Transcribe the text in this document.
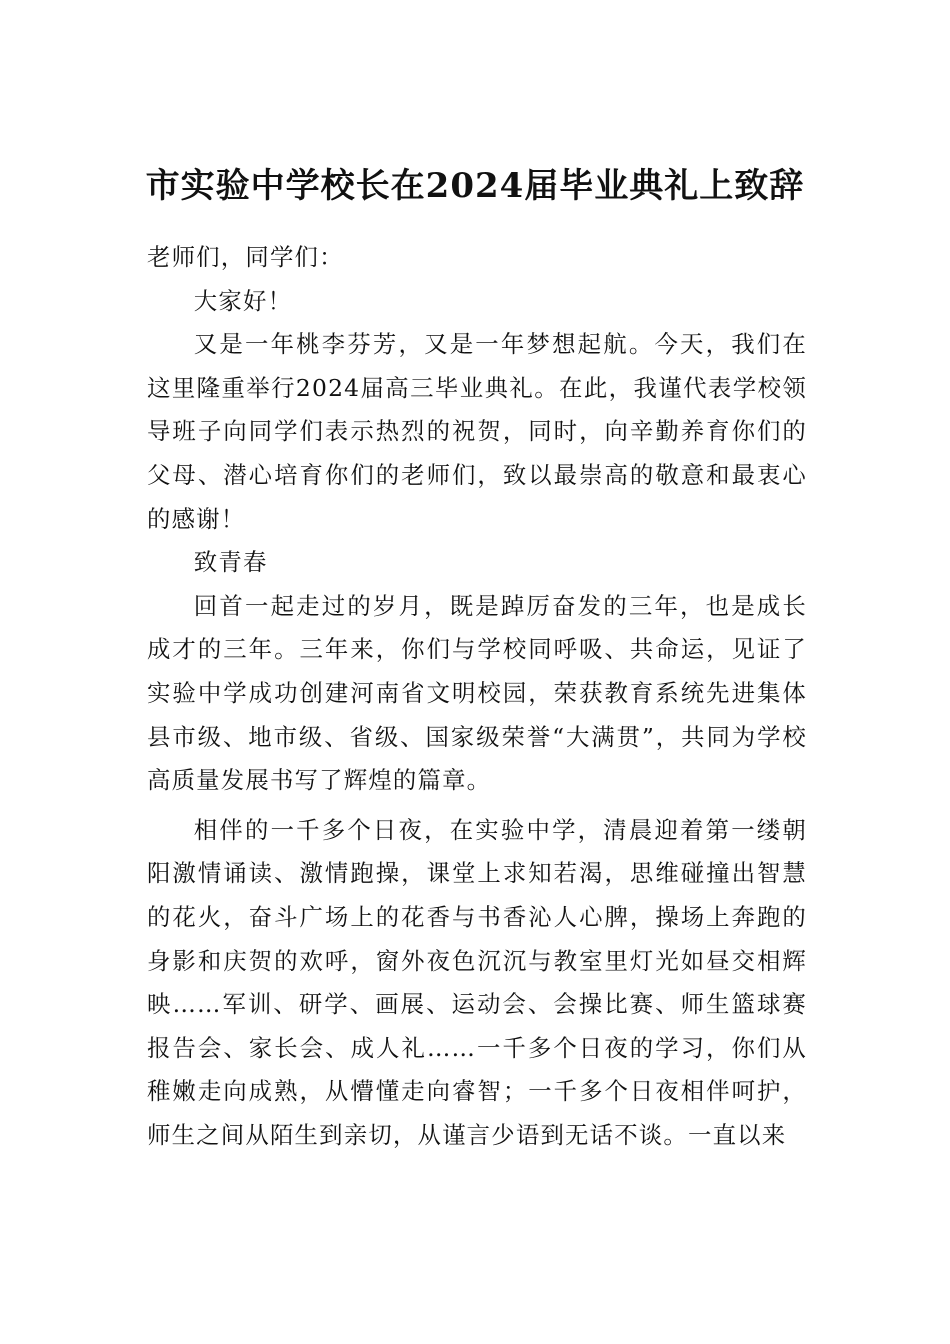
市实验中学校长在2024届毕业典礼上致辞

老师们，同学们：

大家好！

又是一年桃李芬芳，又是一年梦想起航。今天，我们在这里隆重举行2024届高三毕业典礼。在此，我谨代表学校领导班子向同学们表示热烈的祝贺，同时，向辛勤养育你们的父母、潜心培育你们的老师们，致以最崇高的敬意和最衷心的感谢！

致青春

回首一起走过的岁月，既是踔厉奋发的三年，也是成长成才的三年。三年来，你们与学校同呼吸、共命运，见证了实验中学成功创建河南省文明校园，荣获教育系统先进集体县市级、地市级、省级、国家级荣誉“大满贯”，共同为学校高质量发展书写了辉煌的篇章。

相伴的一千多个日夜，在实验中学，清晨迎着第一缕朝阳激情诵读、激情跑操，课堂上求知若渴，思维碰撞出智慧的花火，奋斗广场上的花香与书香沁人心脾，操场上奔跑的身影和庆贺的欢呼，窗外夜色沉沉与教室里灯光如昼交相辉映……军训、研学、画展、运动会、会操比赛、师生篮球赛报告会、家长会、成人礼……一千多个日夜的学习，你们从稚嫩走向成熟，从懵懂走向睿智；一千多个日夜相伴呵护，师生之间从陌生到亲切，从谨言少语到无话不谈。一直以来
